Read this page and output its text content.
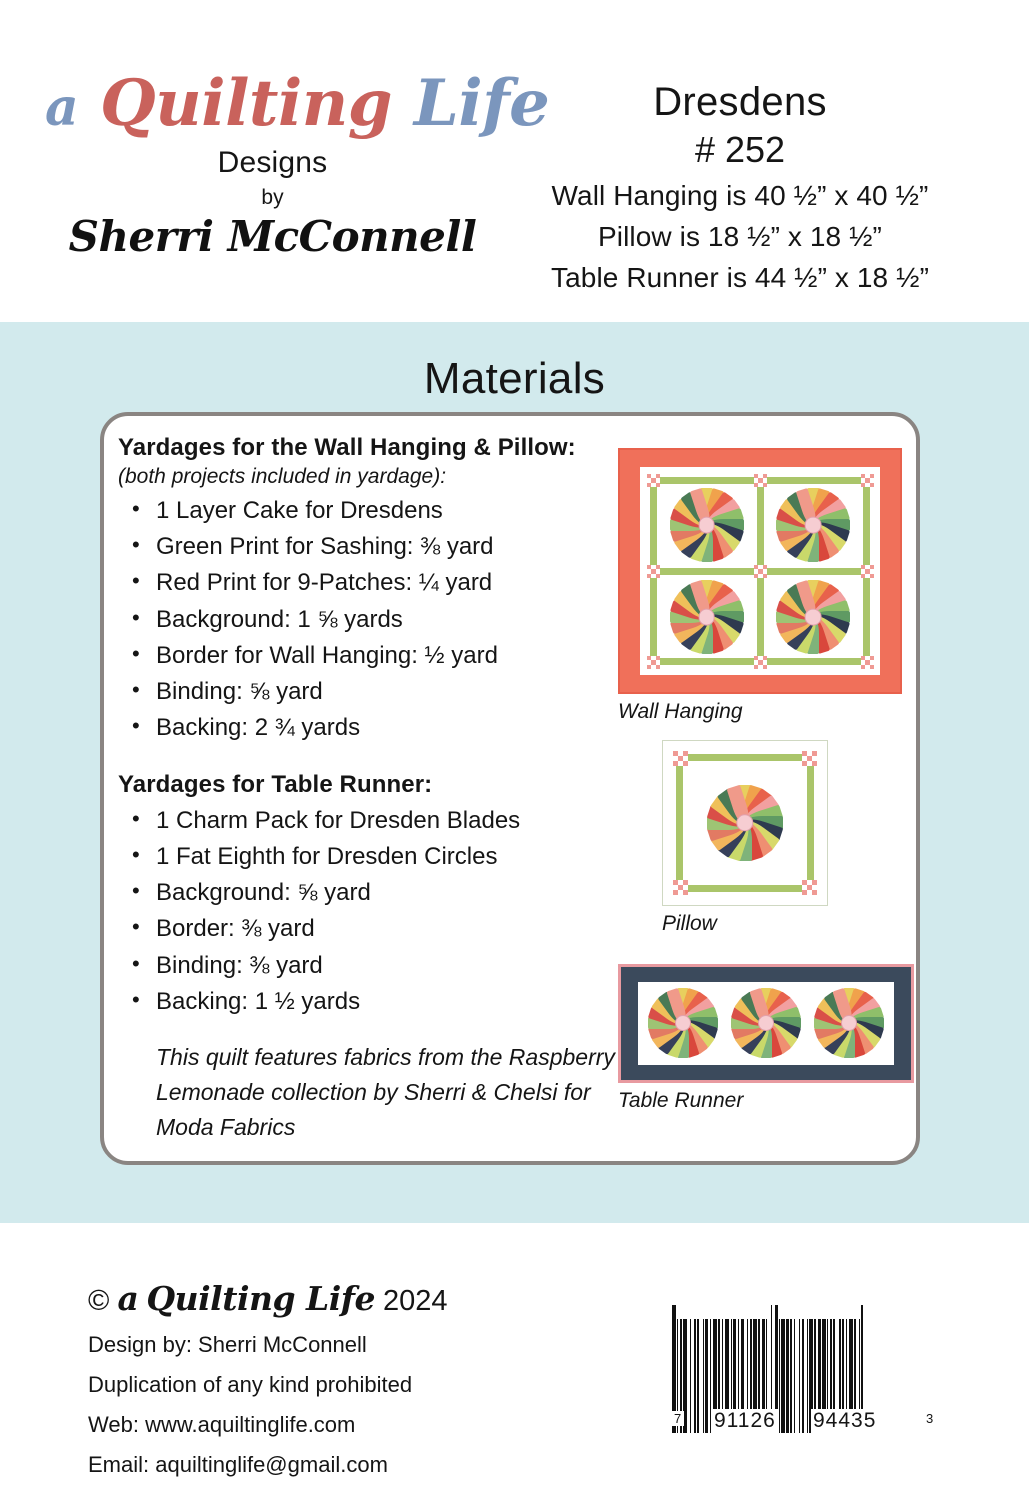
a Quilting Life
Designs
by
Sherri McConnell
Dresdens
# 252
Wall Hanging is 40 ½” x 40 ½”
Pillow is 18 ½” x 18 ½”
Table Runner is 44 ½” x 18 ½”
Materials
Yardages for the Wall Hanging & Pillow:
(both projects included in yardage):
• 1 Layer Cake for Dresdens
• Green Print for Sashing: ⅜ yard
• Red Print for 9-Patches: ¼ yard
• Background: 1 ⅝ yards
• Border for Wall Hanging: ½ yard
• Binding: ⅝ yard
• Backing: 2 ¾ yards
Yardages for Table Runner:
• 1 Charm Pack for Dresden Blades
• 1 Fat Eighth for Dresden Circles
• Background: ⅝ yard
• Border: ⅜ yard
• Binding: ⅜ yard
• Backing: 1 ½ yards
This quilt features fabrics from the Raspberry Lemonade collection by Sherri & Chelsi for Moda Fabrics
Wall Hanging
Pillow
Table Runner
© a Quilting Life 2024
Design by: Sherri McConnell
Duplication of any kind prohibited
Web: www.aquiltinglife.com
Email: aquiltinglife@gmail.com
7 91126 94435	3
